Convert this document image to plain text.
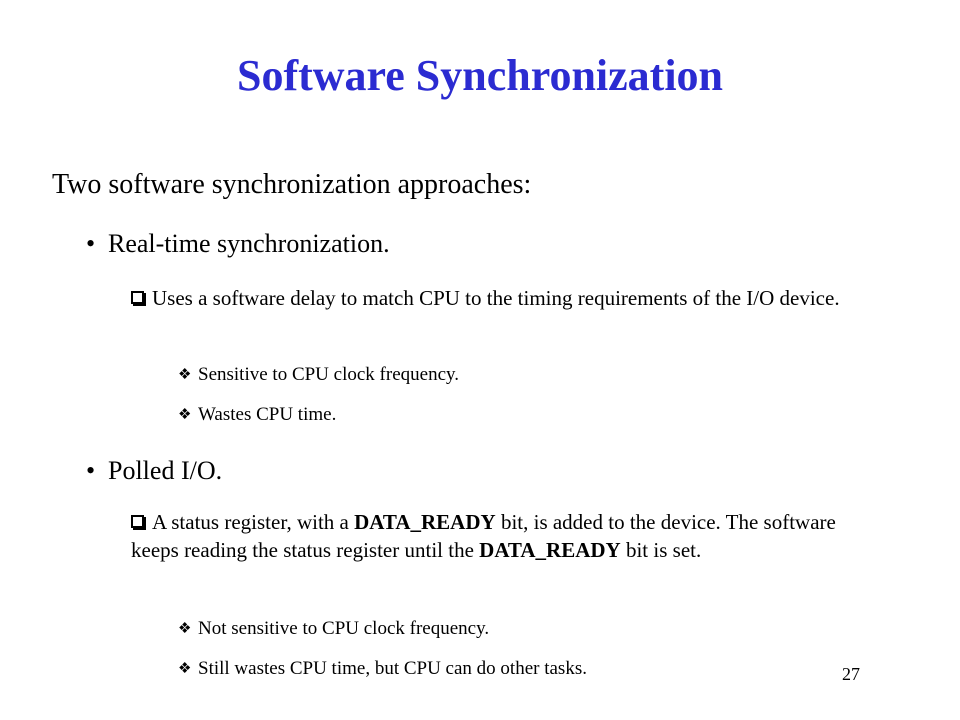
Software Synchronization
Two software synchronization approaches:
• Real-time synchronization.
Uses a software delay to match CPU to the timing requirements of the I/O device.
❖ Sensitive to CPU clock frequency.
❖ Wastes CPU time.
• Polled I/O.
A status register, with a DATA_READY bit, is added to the device. The software keeps reading the status register until the DATA_READY bit is set.
❖ Not sensitive to CPU clock frequency.
❖ Still wastes CPU time, but CPU can do other tasks.	27
